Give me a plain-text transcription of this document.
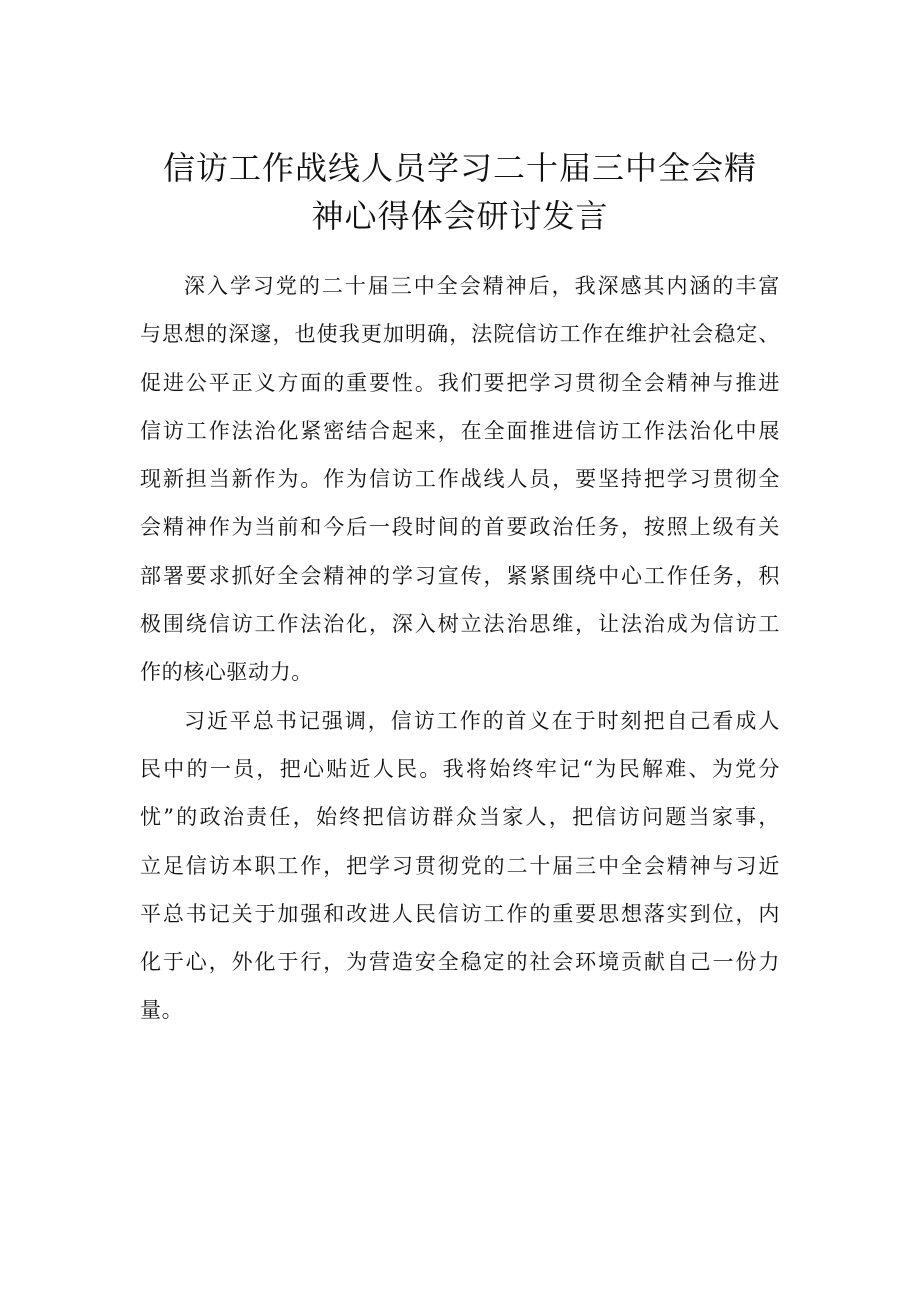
信访工作战线人员学习二十届三中全会精
神心得体会研讨发言
深入学习党的二十届三中全会精神后，我深感其内涵的丰富
与思想的深邃，也使我更加明确，法院信访工作在维护社会稳定、
促进公平正义方面的重要性。我们要把学习贯彻全会精神与推进
信访工作法治化紧密结合起来，在全面推进信访工作法治化中展
现新担当新作为。作为信访工作战线人员，要坚持把学习贯彻全
会精神作为当前和今后一段时间的首要政治任务，按照上级有关
部署要求抓好全会精神的学习宣传，紧紧围绕中心工作任务，积
极围绕信访工作法治化，深入树立法治思维，让法治成为信访工
作的核心驱动力。
习近平总书记强调，信访工作的首义在于时刻把自己看成人
民中的一员，把心贴近人民。我将始终牢记“为民解难、为党分
忧”的政治责任，始终把信访群众当家人，把信访问题当家事，
立足信访本职工作，把学习贯彻党的二十届三中全会精神与习近
平总书记关于加强和改进人民信访工作的重要思想落实到位，内
化于心，外化于行，为营造安全稳定的社会环境贡献自己一份力
量。
